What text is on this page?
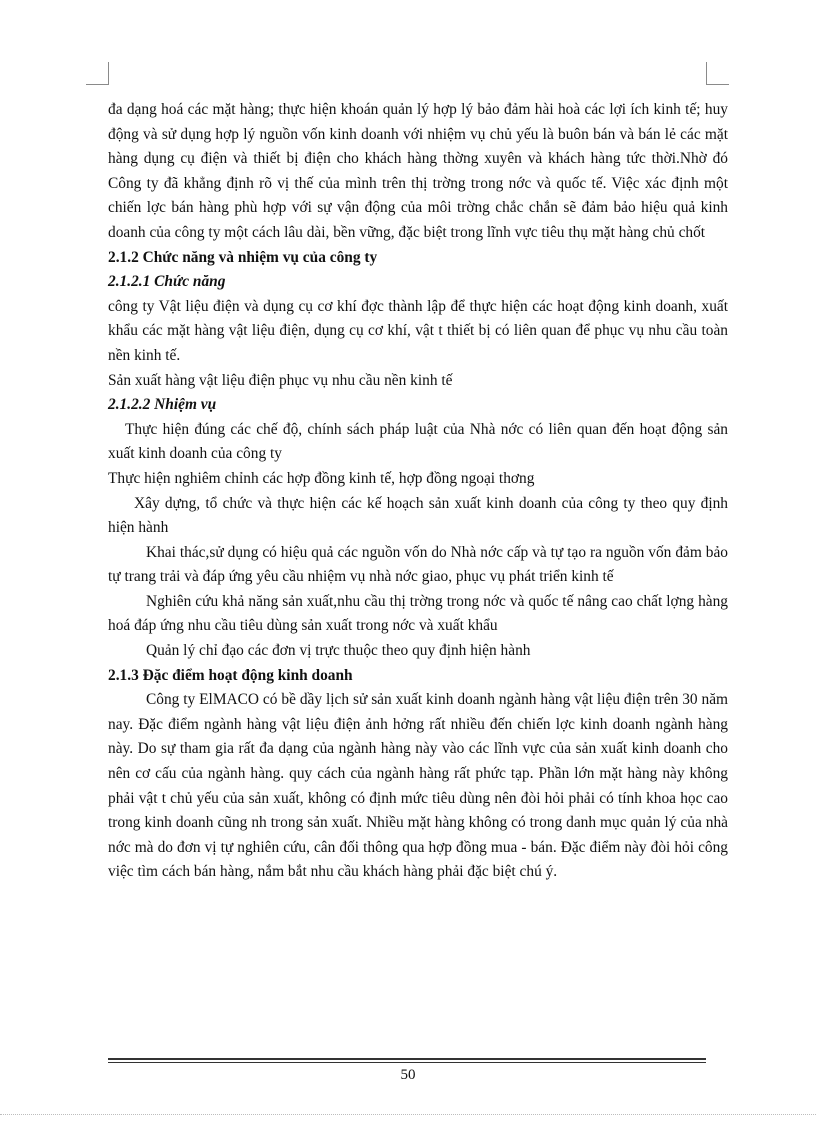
đa dạng hoá các mặt hàng; thực hiện khoán quản lý hợp lý bảo đảm hài hoà các lợi ích kinh tế; huy động và sử dụng hợp lý nguồn vốn kinh doanh với nhiệm vụ chủ yếu là buôn bán và bán lẻ các mặt hàng dụng cụ điện và thiết bị điện cho khách hàng thờng xuyên và khách hàng tức thời.Nhờ đó Công ty đã khẳng định rõ vị thế của mình trên thị trờng trong nớc và quốc tế. Việc xác định một chiến lợc bán hàng phù hợp với sự vận động của môi trờng chắc chắn sẽ đảm bảo hiệu quả kinh doanh của công ty một cách lâu dài, bền vững, đặc biệt trong lĩnh vực tiêu thụ mặt hàng chủ chốt

2.1.2 Chức năng và nhiệm vụ của công ty

2.1.2.1 Chức năng

công ty Vật liệu điện và dụng cụ cơ khí đợc thành lập để thực hiện các hoạt động kinh doanh, xuất khẩu các mặt hàng vật liệu điện, dụng cụ cơ khí, vật t thiết bị có liên quan để phục vụ nhu cầu toàn nền kinh tế.

Sản xuất hàng vật liệu điện phục vụ nhu cầu nền kinh tế

2.1.2.2 Nhiệm vụ

Thực hiện đúng các chế độ, chính sách pháp luật của Nhà nớc có liên quan đến hoạt động sản xuất kinh doanh của công ty

Thực hiện nghiêm chỉnh các hợp đồng kinh tế, hợp đồng ngoại thơng

Xây dựng, tổ chức và thực hiện các kế hoạch sản xuất kinh doanh của công ty theo quy định hiện hành

Khai thác,sử dụng có hiệu quả các nguồn vốn do Nhà nớc cấp và tự tạo ra nguồn vốn đảm bảo tự trang trải và đáp ứng yêu cầu nhiệm vụ nhà nớc giao, phục vụ phát triển kinh tế

Nghiên cứu khả năng sản xuất,nhu cầu thị trờng trong nớc và quốc tế nâng cao chất lợng hàng hoá đáp ứng nhu cầu tiêu dùng sản xuất trong nớc và xuất khẩu

Quản lý chỉ đạo các đơn vị trực thuộc theo quy định hiện hành

2.1.3 Đặc điểm hoạt động kinh doanh

Công ty ElMACO có bề dầy lịch sử sản xuất kinh doanh ngành hàng vật liệu điện trên 30 năm nay. Đặc điểm ngành hàng vật liệu điện ảnh hởng rất nhiều đến chiến lợc kinh doanh ngành hàng này. Do sự tham gia rất đa dạng của ngành hàng này vào các lĩnh vực của sản xuất kinh doanh cho nên cơ cấu của ngành hàng. quy cách của ngành hàng rất phức tạp. Phần lớn mặt hàng này không phải vật t chủ yếu của sản xuất, không có định mức tiêu dùng nên đòi hỏi phải có tính khoa học cao trong kinh doanh cũng nh trong sản xuất. Nhiều mặt hàng không có trong danh mục quản lý của nhà nớc mà do đơn vị tự nghiên cứu, cân đối thông qua hợp đồng mua - bán. Đặc điểm này đòi hỏi công việc tìm cách bán hàng, nắm bắt nhu cầu khách hàng phải đặc biệt chú ý.

50
